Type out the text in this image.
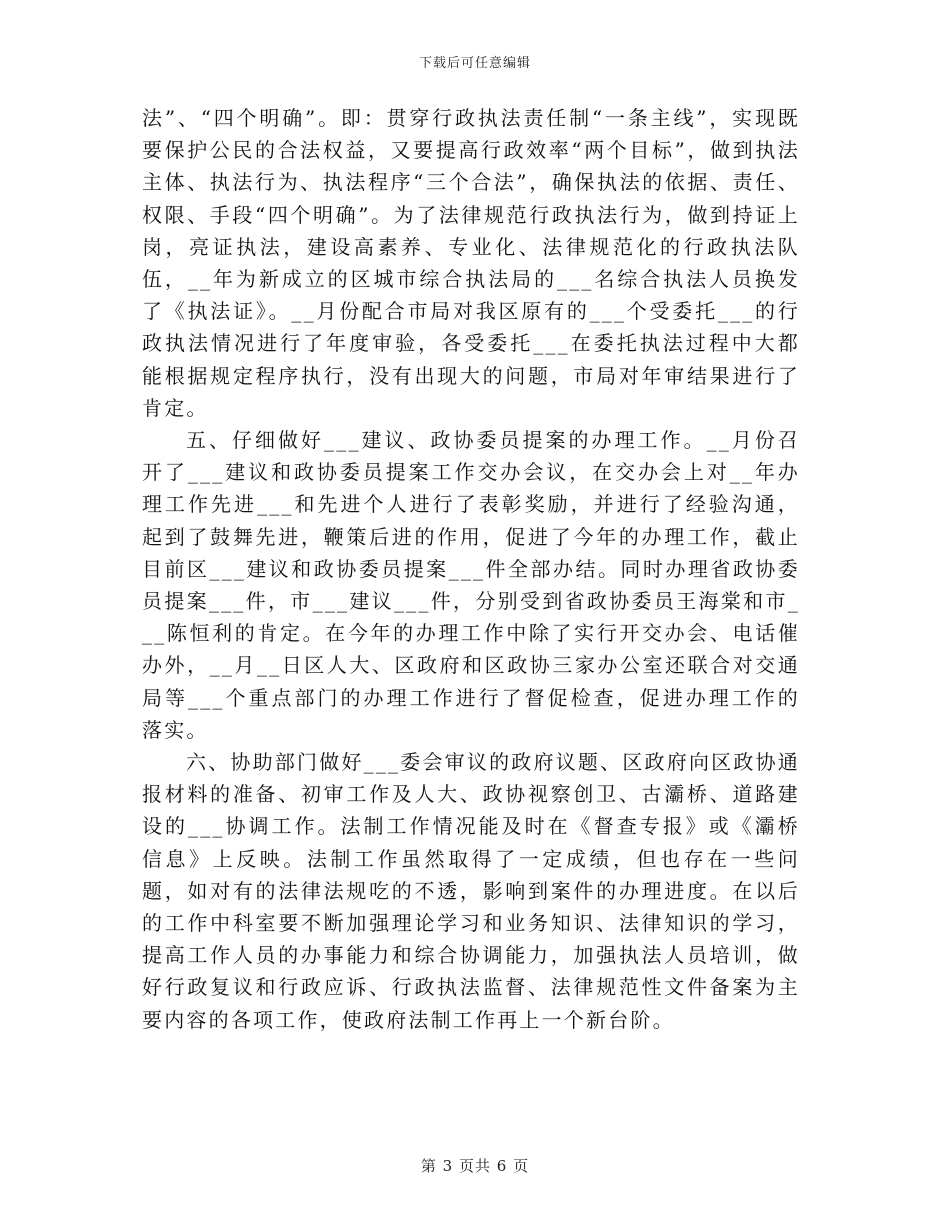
下载后可任意编辑

法”、“四个明确”。即：贯穿行政执法责任制“一条主线”，实现既要保护公民的合法权益，又要提高行政效率“两个目标”，做到执法主体、执法行为、执法程序“三个合法”，确保执法的依据、责任、权限、手段“四个明确”。为了法律规范行政执法行为，做到持证上岗，亮证执法，建设高素养、专业化、法律规范化的行政执法队伍，__年为新成立的区城市综合执法局的___名综合执法人员换发了《执法证》。__月份配合市局对我区原有的___个受委托___的行政执法情况进行了年度审验，各受委托___在委托执法过程中大都能根据规定程序执行，没有出现大的问题，市局对年审结果进行了肯定。

五、仔细做好___建议、政协委员提案的办理工作。__月份召开了___建议和政协委员提案工作交办会议，在交办会上对__年办理工作先进___和先进个人进行了表彰奖励，并进行了经验沟通，起到了鼓舞先进，鞭策后进的作用，促进了今年的办理工作，截止目前区___建议和政协委员提案___件全部办结。同时办理省政协委员提案___件，市___建议___件，分别受到省政协委员王海棠和市___陈恒利的肯定。在今年的办理工作中除了实行开交办会、电话催办外，__月__日区人大、区政府和区政协三家办公室还联合对交通局等___个重点部门的办理工作进行了督促检查，促进办理工作的落实。

六、协助部门做好___委会审议的政府议题、区政府向区政协通报材料的准备、初审工作及人大、政协视察创卫、古灞桥、道路建设的___协调工作。法制工作情况能及时在《督查专报》或《灞桥信息》上反映。法制工作虽然取得了一定成绩，但也存在一些问题，如对有的法律法规吃的不透，影响到案件的办理进度。在以后的工作中科室要不断加强理论学习和业务知识、法律知识的学习，提高工作人员的办事能力和综合协调能力，加强执法人员培训，做好行政复议和行政应诉、行政执法监督、法律规范性文件备案为主要内容的各项工作，使政府法制工作再上一个新台阶。

第 3 页共 6 页
